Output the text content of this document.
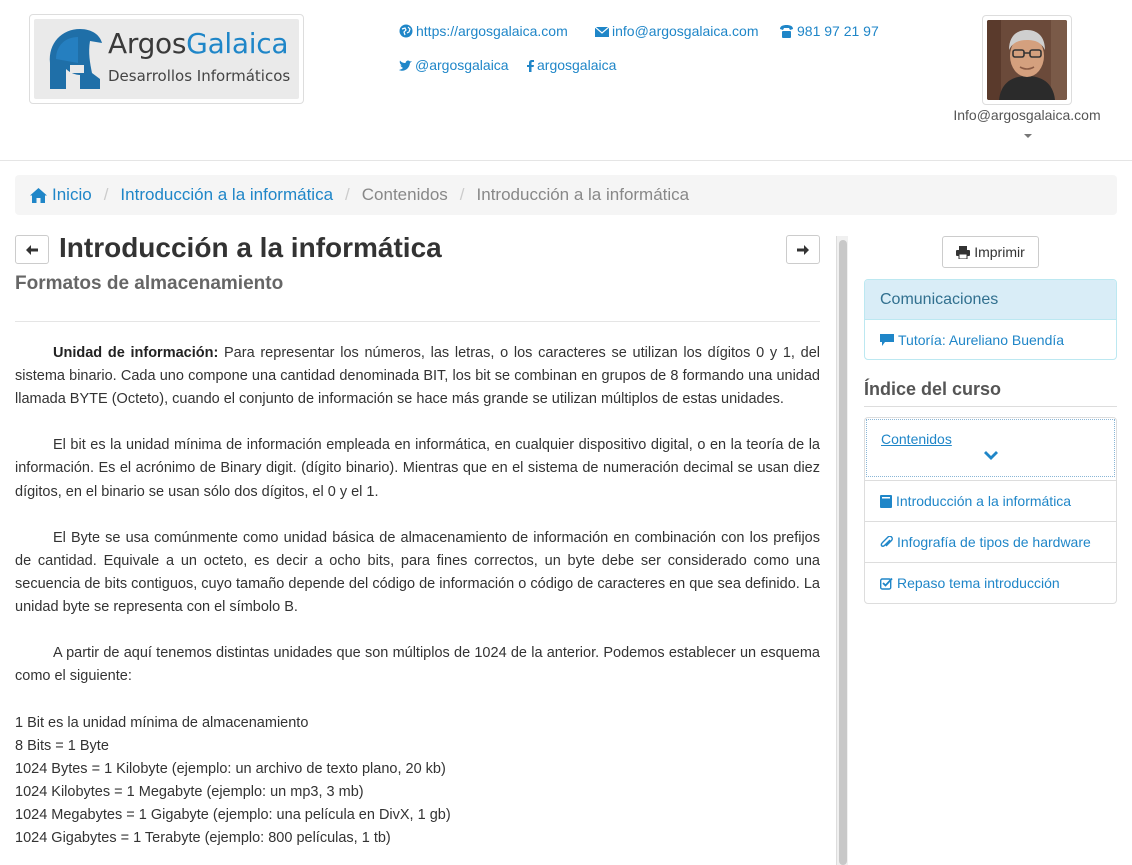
ArgosGalaica
Desarrollos Informáticos
https://argosgalaica.com	info@argosgalaica.com	981 97 21 97
@argosgalaica	argosgalaica
Info@argosgalaica.com
Inicio / Introducción a la informática / Contenidos / Introducción a la informática
Introducción a la informática
Formatos de almacenamiento

Unidad de información: Para representar los números, las letras, o los caracteres se utilizan los dígitos 0 y 1, del sistema binario. Cada uno compone una cantidad denominada BIT, los bit se combinan en grupos de 8 formando una unidad llamada BYTE (Octeto), cuando el conjunto de información se hace más grande se utilizan múltiplos de estas unidades.

El bit es la unidad mínima de información empleada en informática, en cualquier dispositivo digital, o en la teoría de la información. Es el acrónimo de Binary digit. (dígito binario). Mientras que en el sistema de numeración decimal se usan diez dígitos, en el binario se usan sólo dos dígitos, el 0 y el 1.

El Byte se usa comúnmente como unidad básica de almacenamiento de información en combinación con los prefijos de cantidad. Equivale a un octeto, es decir a ocho bits, para fines correctos, un byte debe ser considerado como una secuencia de bits contiguos, cuyo tamaño depende del código de información o código de caracteres en que sea definido. La unidad byte se representa con el símbolo B.

A partir de aquí tenemos distintas unidades que son múltiplos de 1024 de la anterior. Podemos establecer un esquema como el siguiente:

1 Bit es la unidad mínima de almacenamiento
8 Bits = 1 Byte
1024 Bytes = 1 Kilobyte (ejemplo: un archivo de texto plano, 20 kb)
1024 Kilobytes = 1 Megabyte (ejemplo: un mp3, 3 mb)
1024 Megabytes = 1 Gigabyte (ejemplo: una película en DivX, 1 gb)
1024 Gigabytes = 1 Terabyte (ejemplo: 800 películas, 1 tb)
Imprimir
Comunicaciones
Tutoría: Aureliano Buendía
Índice del curso
Contenidos
Introducción a la informática
Infografía de tipos de hardware
Repaso tema introducción
